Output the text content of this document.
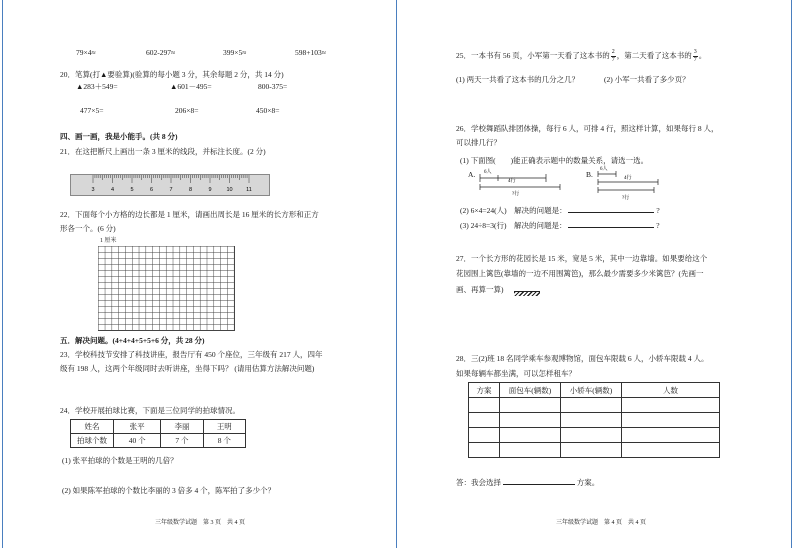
79×4≈	602-297≈	399×5≈	598+103≈
20．笔算(打▲要验算)(验算的每小题 3 分，其余每题 2 分，共 14 分)
▲283＋549=	▲601－495=	800-375=
477×5=	206×8=	450×8=
四、画一画，我是小能手。(共 8 分)
21．在这把断尺上画出一条 3 厘米的线段，并标注长度。(2 分)
3	4	5	6	7	8	9	10 11
22．下面每个小方格的边长都是 1 厘米，请画出周长是 16 厘米的长方形和正方
形各一个。(6 分)
1 厘米
五．解决问题。(4+4+4+5+5+6 分，共 28 分)
23．学校科技节安排了科技讲座，报告厅有 450 个座位，三年级有 217 人，四年
级有 198 人，这两个年级同时去听讲座，坐得下吗？ (请用估算方法解决问题)
24．学校开展拍球比赛，下面是三位同学的拍球情况。
姓名	张平	李丽	王明
拍球个数	40 个	7 个	8 个
(1) 张平拍球的个数是王明的几倍？
(2) 如果陈军拍球的个数比李丽的 3 倍多 4 个，陈军拍了多少个？
三年级数学试题　第 3 页　共 4 页
25．一本书有 56 页，小军第一天看了这本书的 $\frac{2}{7}$ ，第二天看了这本书的 $\frac{3}{7}$ 。
(1) 两天一共看了这本书的几分之几？	(2) 小军一共看了多少页？
26．学校舞蹈队排团体操，每行 6 人，可排 4 行，照这样计算，如果每行 8 人，
可以排几行？
(1) 下面图(　　)能正确表示题中的数量关系，请选一选。
A. 6人
4行
?行
B.
6人
4行
?行
(2) 6×4=24(人)　解决的问题是：	?
(3) 24÷8=3(行)　解决的问题是：	?
27．一个长方形的花园长是 15 米，宽是 5 米，其中一边靠墙。如果要给这个
花园围上篱笆(靠墙的一边不用围篱笆)，那么最少需要多少米篱笆？(先画一
画、再算一算)
28．三(2)班 18 名同学乘车参观博物馆，面包车限载 6 人，小轿车限载 4 人。
如果每辆车都坐满，可以怎样租车？
方案	面包车(辆数)	小轿车(辆数)	人数

答：我会选择	方案。
三年级数学试题　第 4 页　共 4 页
